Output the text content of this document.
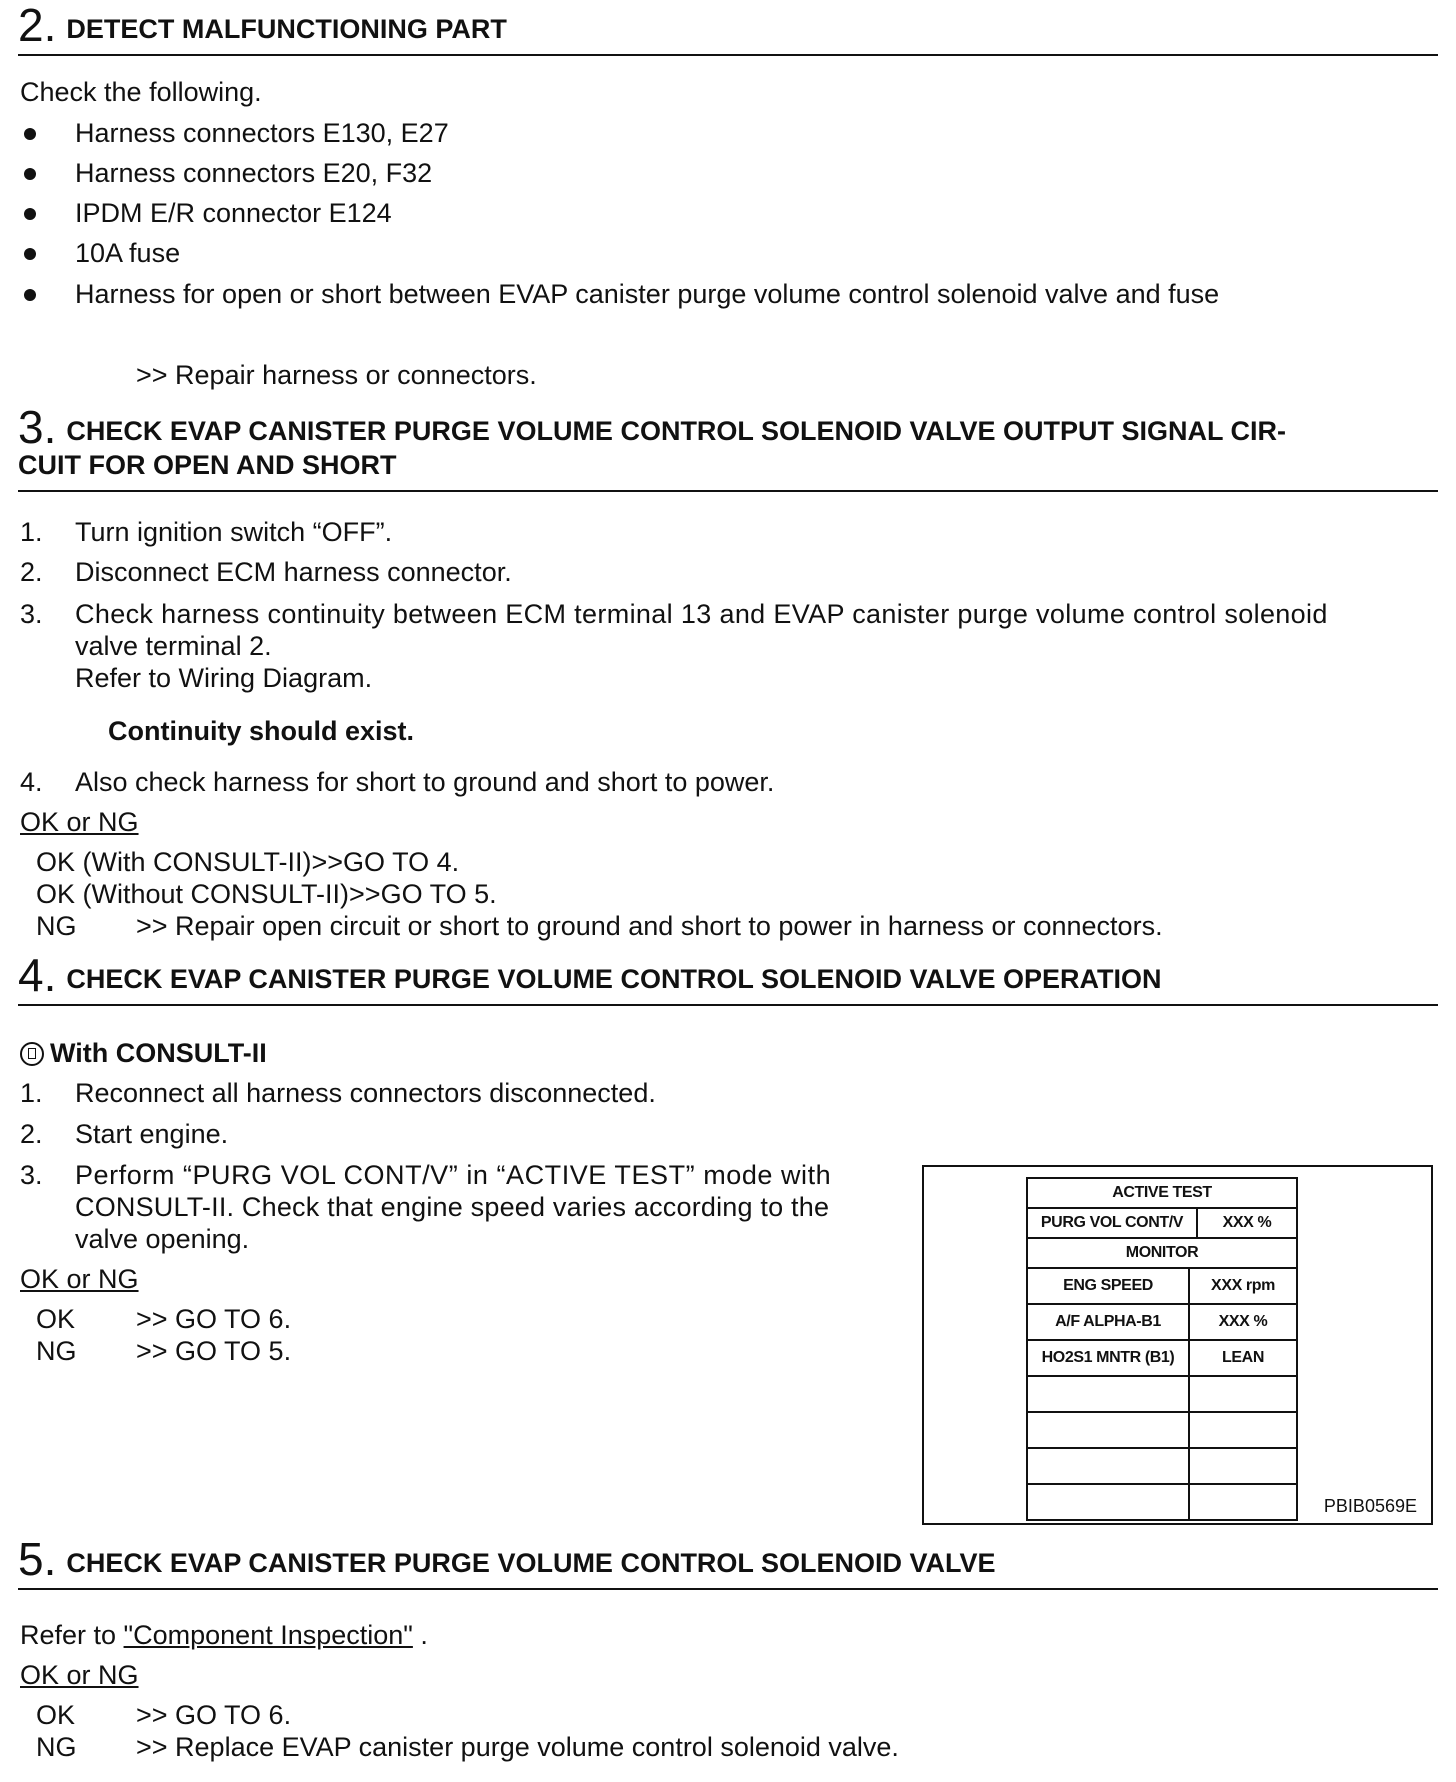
2. DETECT MALFUNCTIONING PART
Check the following.
Harness connectors E130, E27
Harness connectors E20, F32
IPDM E/R connector E124
10A fuse
Harness for open or short between EVAP canister purge volume control solenoid valve and fuse
>> Repair harness or connectors.
3. CHECK EVAP CANISTER PURGE VOLUME CONTROL SOLENOID VALVE OUTPUT SIGNAL CIR-
CUIT FOR OPEN AND SHORT
1. Turn ignition switch “OFF”.
2. Disconnect ECM harness connector.
3. Check harness continuity between ECM terminal 13 and EVAP canister purge volume control solenoid
valve terminal 2.
Refer to Wiring Diagram.
Continuity should exist.
4. Also check harness for short to ground and short to power.
OK or NG
OK (With CONSULT-II)>>GO TO 4.
OK (Without CONSULT-II)>>GO TO 5.
NG >> Repair open circuit or short to ground and short to power in harness or connectors.
4. CHECK EVAP CANISTER PURGE VOLUME CONTROL SOLENOID VALVE OPERATION
With CONSULT-II
1. Reconnect all harness connectors disconnected.
2. Start engine.
3. Perform “PURG VOL CONT/V” in “ACTIVE TEST” mode with
CONSULT-II. Check that engine speed varies according to the
valve opening.
OK or NG
OK >> GO TO 6.
NG >> GO TO 5.
ACTIVE TEST
PURG VOL CONT/V	XXX %
MONITOR
ENG SPEED	XXX rpm
A/F ALPHA-B1	XXX %
HO2S1 MNTR (B1)	LEAN
PBIB0569E
5. CHECK EVAP CANISTER PURGE VOLUME CONTROL SOLENOID VALVE
Refer to "Component Inspection" .
OK or NG
OK >> GO TO 6.
NG >> Replace EVAP canister purge volume control solenoid valve.
